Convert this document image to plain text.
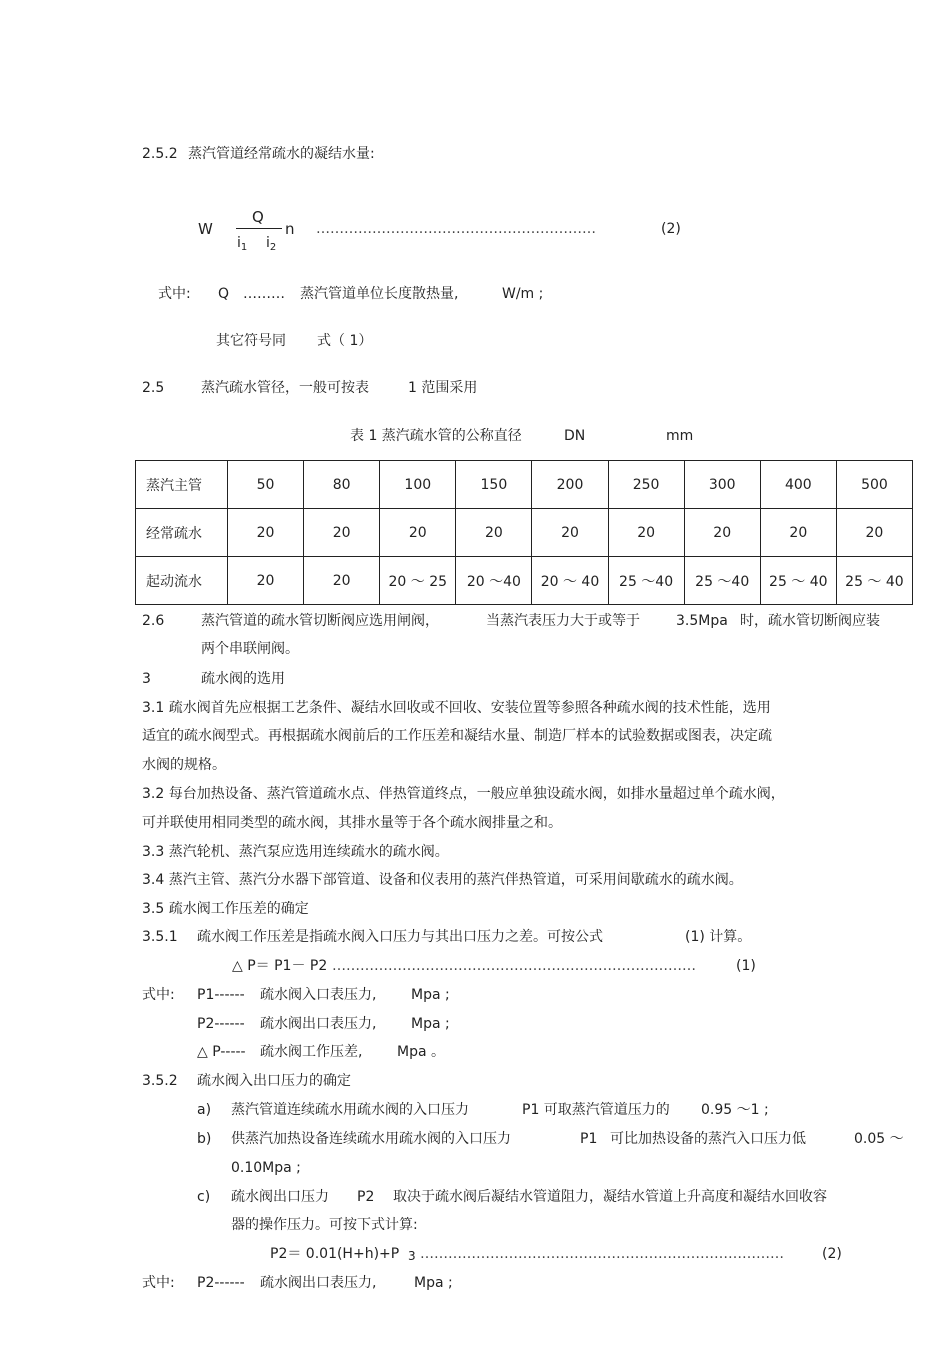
2.5.2 蒸汽管道经常疏水的凝结水量:
W
Q
$i_1$ $i_2$
n ……………………………………………………	(2)
式中: Q ……… 蒸汽管道单位长度散热量,	W/m ;
其它符号同 式（ 1）
2.5	蒸汽疏水管径，一般可按表	1 范围采用
表 1 蒸汽疏水管的公称直径	DN	mm
蒸汽主管	50	80	100	150	200	250	300	400	500
经常疏水	20	20	20	20	20	20	20	20	20
起动流水	20	20	20 ～ 25	20 ～40	20 ～ 40	25 ～40	25 ～40	25 ～ 40	25 ～ 40
2.6	蒸汽管道的疏水管切断阀应选用闸阀，	当蒸汽表压力大于或等于	3.5Mpa 时，疏水管切断阀应装
两个串联闸阀。
3	疏水阀的选用
3.1 疏水阀首先应根据工艺条件、凝结水回收或不回收、安装位置等参照各种疏水阀的技术性能，选用
适宜的疏水阀型式。再根据疏水阀前后的工作压差和凝结水量、制造厂样本的试验数据或图表，决定疏
水阀的规格。
3.2 每台加热设备、蒸汽管道疏水点、伴热管道终点，一般应单独设疏水阀，如排水量超过单个疏水阀，
可并联使用相同类型的疏水阀，其排水量等于各个疏水阀排量之和。
3.3 蒸汽轮机、蒸汽泵应选用连续疏水的疏水阀。
3.4 蒸汽主管、蒸汽分水器下部管道、设备和仪表用的蒸汽伴热管道，可采用间歇疏水的疏水阀。
3.5 疏水阀工作压差的确定
3.5.1 疏水阀工作压差是指疏水阀入口压力与其出口压力之差。可按公式	(1) 计算。
△ P＝ P1－ P2 ……………………………………………………………………	(1)
式中: P1------ 疏水阀入口表压力, Mpa ;
P2------ 疏水阀出口表压力, Mpa ;
△ P----- 疏水阀工作压差, Mpa 。
3.5.2 疏水阀入出口压力的确定
a) 蒸汽管道连续疏水用疏水阀的入口压力	P1 可取蒸汽管道压力的 0.95 ～1 ;
b) 供蒸汽加热设备连续疏水用疏水阀的入口压力	P1 可比加热设备的蒸汽入口压力低	0.05 ～
0.10Mpa ;
c) 疏水阀出口压力 P2 取决于疏水阀后凝结水管道阻力，凝结水管道上升高度和凝结水回收容
器的操作压力。可按下式计算:
P2＝ 0.01(H+h)+P 3 ……………………………………………………………………	(2)
式中: P2------ 疏水阀出口表压力,	Mpa ;
